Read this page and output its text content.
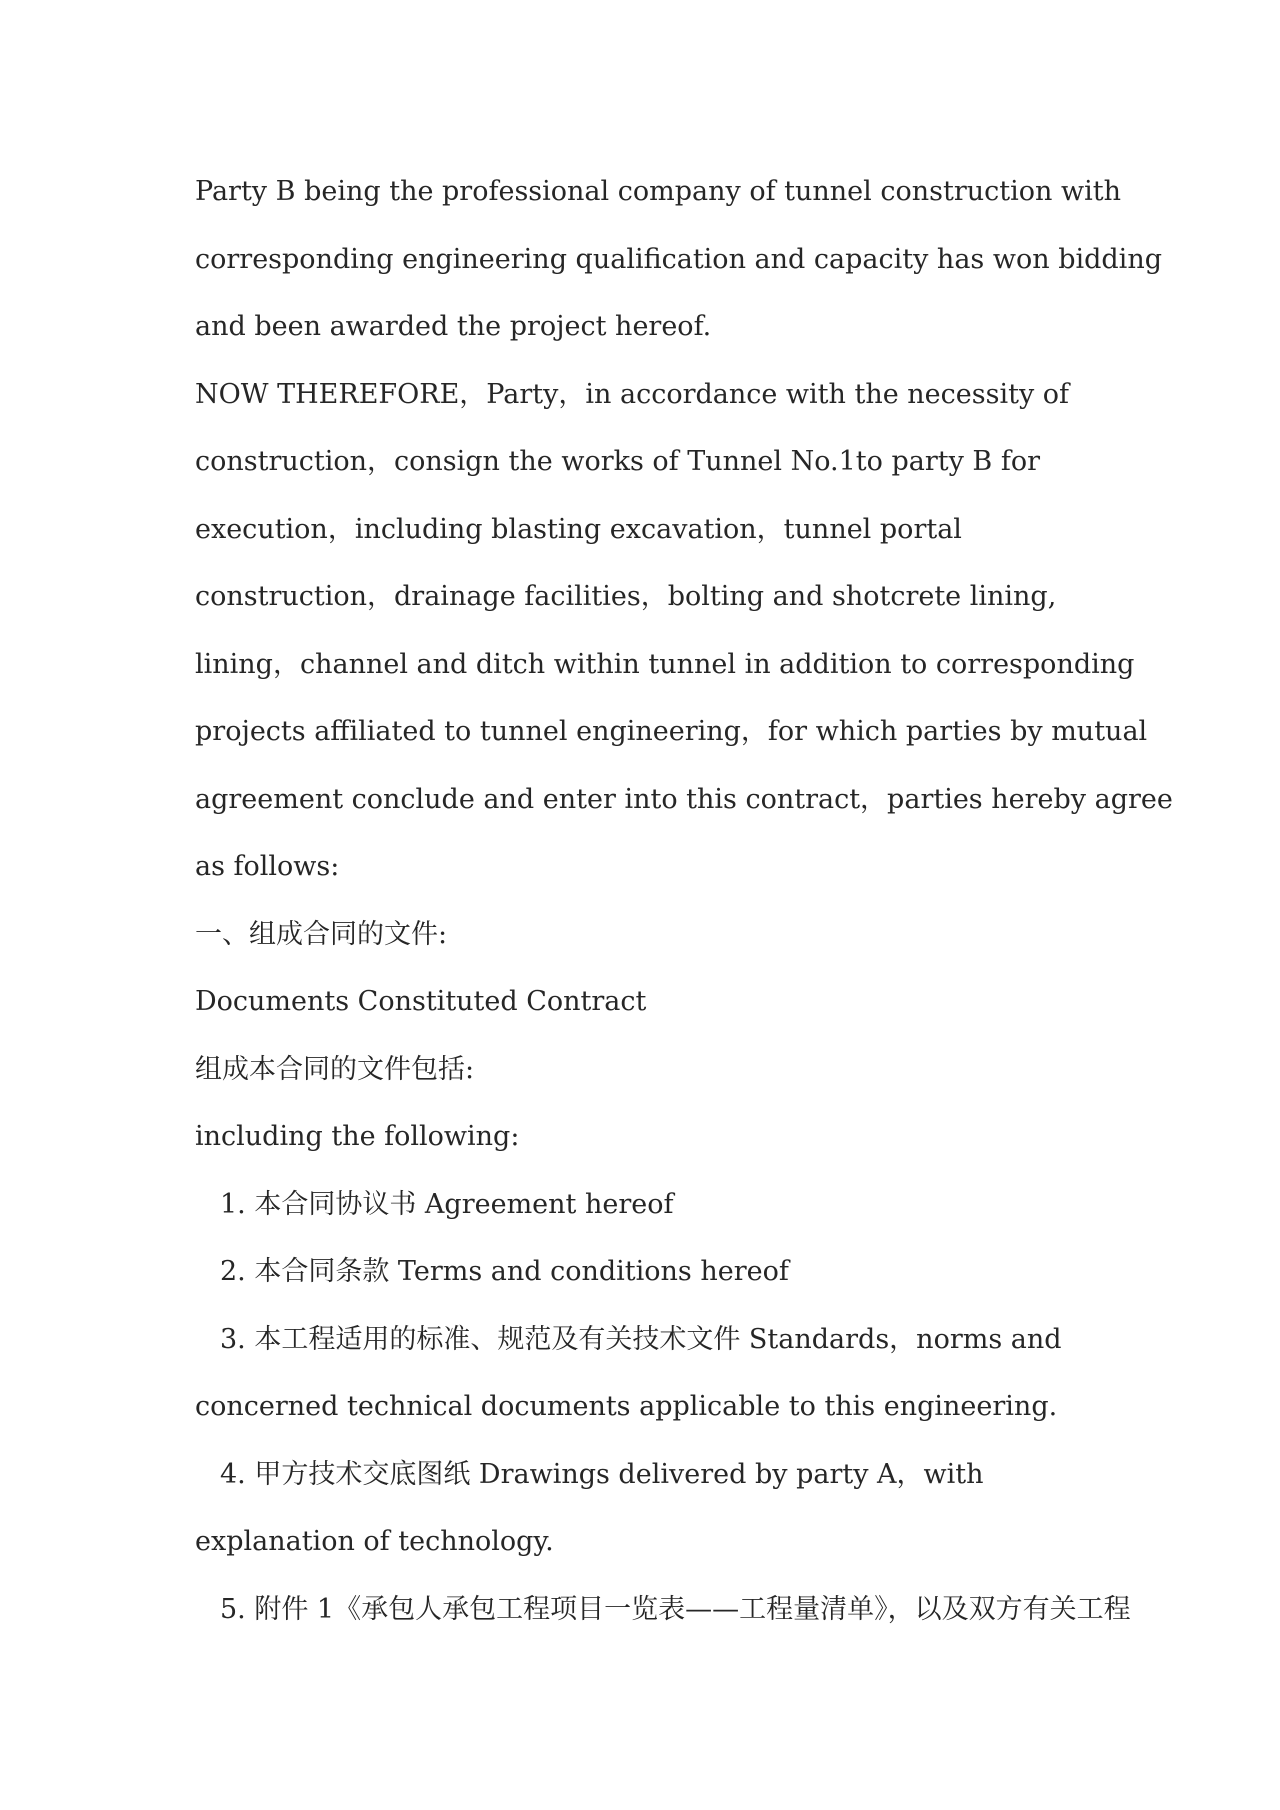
Party B being the professional company of tunnel construction with
corresponding engineering qualification and capacity has won bidding
and been awarded the project hereof.
NOW THEREFORE，Party，in accordance with the necessity of
construction，consign the works of Tunnel No.1to party B for
execution，including blasting excavation，tunnel portal
construction，drainage facilities，bolting and shotcrete lining,
lining，channel and ditch within tunnel in addition to corresponding
projects affiliated to tunnel engineering，for which parties by mutual
agreement conclude and enter into this contract，parties hereby agree
as follows:
一、组成合同的文件:
Documents Constituted Contract
组成本合同的文件包括:
including the following:
1. 本合同协议书 Agreement hereof
2. 本合同条款 Terms and conditions hereof
3. 本工程适用的标准、规范及有关技术文件 Standards，norms and
concerned technical documents applicable to this engineering.
4. 甲方技术交底图纸 Drawings delivered by party A，with
explanation of technology.
5. 附件 1《承包人承包工程项目一览表——工程量清单》，以及双方有关工程
